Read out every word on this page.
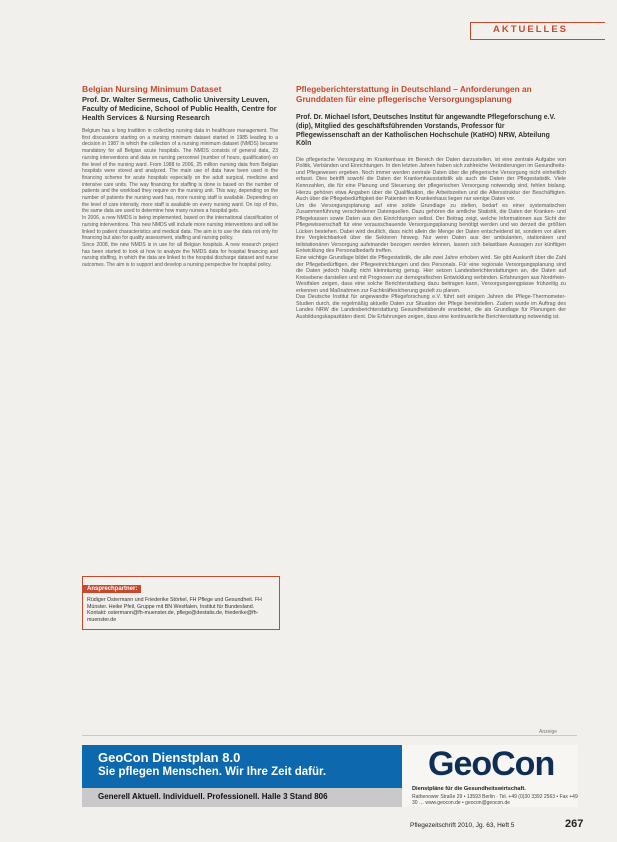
AKTUELLES
Belgian Nursing Minimum Dataset
Prof. Dr. Walter Sermeus, Catholic University Leuven, Faculty of Medicine, School of Public Health, Centre for Health Services & Nursing Research

Belgium has a long tradition in collecting nursing data in healthcare management. The first discussions starting on a nursing minimum dataset started in 1985 leading to a decision in 1987 in which the collection of a nursing minimum dataset (NMDS) became mandatory for all Belgian acute hospitals. The NMDS consists of general data, 23 nursing interventions and data on nursing personnel (number of hours, qualification) on the level of the nursing ward. From 1988 to 2006, 25 million nursing data from Belgian hospitals were stored and analyzed. The main use of data have been used in the financing scheme for acute hospitals especially on the adult surgical, medicine and intensive care units. The way financing for staffing is done is based on the number of patients and the workload they require on the nursing unit. This way, depending on the number of patients the nursing ward has, more nursing staff is available. Depending on the level of care intensity, more staff is available on every nursing ward. On top of this, the same data are used to determine how many nurses a hospital gets.

In 2006, a new NMDS is being implemented, based on the international classification of nursing interventions. This new NMDS will include more nursing interventions and will be linked to patient characteristics and medical data. The aim is to use the data not only for financing but also for quality assessment, staffing and nursing policy.

Since 2008, the new NMDS is in use for all Belgian hospitals. A new research project has been started to look at how to analyze the NMDS data for hospital financing and nursing staffing, in which the data are linked to the hospital discharge dataset and nurse outcomes. The aim is to support and develop a nursing perspective for hospital policy.

Ansprechpartner:
Rüdiger Ostermann und Friederike Störkel, FH Pflege und Gesundheit. FH Münster. Heike Pfeil, Gruppe mit BN Westfalen, Institut für Bundesland. Kontakt: ostermann@fh-muenster.de, pflege@destatis.de, friederike@fh-muenster.de
Pflegeberichterstattung in Deutschland – Anforderungen an Grunddaten für eine pflegerische Versorgungsplanung
Prof. Dr. Michael Isfort, Deutsches Institut für angewandte Pflegeforschung e.V. (dip), Mitglied des geschäftsführenden Vorstands, Professor für Pflegewissenschaft an der Katholischen Hochschule (KatHO) NRW, Abteilung Köln

Die pflegerische Versorgung im Krankenhaus im Bereich der Daten darzustellen, ist eine zentrale Aufgabe von Politik, Verbänden und Einrichtungen. In den letzten Jahren haben sich zahlreiche Veränderungen im Gesundheits- und Pflegewesen ergeben. Noch immer werden zentrale Daten über die pflegerische Versorgung nicht einheitlich erfasst. Dies betrifft sowohl die Daten der Krankenhausstatistik als auch die Daten der Pflegestatistik. Viele Kennzahlen, die für eine Planung und Steuerung der pflegerischen Versorgung notwendig sind, fehlen bislang. Hierzu gehören etwa Angaben über die Qualifikation, die Arbeitszeiten und die Altersstruktur der Beschäftigten. Auch über die Pflegebedürftigkeit der Patienten im Krankenhaus liegen nur wenige Daten vor.

Um die Versorgungsplanung auf eine solide Grundlage zu stellen, bedarf es einer systematischen Zusammenführung verschiedener Datenquellen. Dazu gehören die amtliche Statistik, die Daten der Kranken- und Pflegekassen sowie Daten aus den Einrichtungen selbst. Der Beitrag zeigt, welche Informationen aus Sicht der Pflegewissenschaft für eine vorausschauende Versorgungsplanung benötigt werden und wo derzeit die größten Lücken bestehen. Dabei wird deutlich, dass nicht allein die Menge der Daten entscheidend ist, sondern vor allem ihre Vergleichbarkeit über die Sektoren hinweg. Nur wenn Daten aus der ambulanten, stationären und teilstationären Versorgung aufeinander bezogen werden können, lassen sich belastbare Aussagen zur künftigen Entwicklung des Personalbedarfs treffen.

Eine wichtige Grundlage bildet die Pflegestatistik, die alle zwei Jahre erhoben wird. Sie gibt Auskunft über die Zahl der Pflegebedürftigen, der Pflegeeinrichtungen und des Personals. Für eine regionale Versorgungsplanung sind die Daten jedoch häufig nicht kleinräumig genug. Hier setzen Landesberichterstattungen an, die Daten auf Kreisebene darstellen und mit Prognosen zur demografischen Entwicklung verbinden. Erfahrungen aus Nordrhein-Westfalen zeigen, dass eine solche Berichterstattung dazu beitragen kann, Versorgungsengpässe frühzeitig zu erkennen und Maßnahmen zur Fachkräftesicherung gezielt zu planen.

Das Deutsche Institut für angewandte Pflegeforschung e.V. führt seit einigen Jahren die Pflege-Thermometer-Studien durch, die regelmäßig aktuelle Daten zur Situation der Pflege bereitstellen. Zudem wurde im Auftrag des Landes NRW die Landesberichterstattung Gesundheitsberufe erarbeitet, die als Grundlage für Planungen der Ausbildungskapazitäten dient. Die Erfahrungen zeigen, dass eine kontinuierliche Berichterstattung notwendig ist.

Anzeige
GeoCon Dienstplan 8.0
Sie pflegen Menschen. Wir Ihre Zeit dafür.
Generell Aktuell. Individuell. Professionell. Halle 3 Stand 806
GeoCon
Dienstpläne für die Gesundheitswirtschaft.
Rathenower Straße 29 • 13593 Berlin · Tel. +49 (0)30 3392 2563 • Fax +49 30 … www.geocon.de • geocon@geocon.de
Pflegezeitschrift 2010, Jg. 63, Heft 5	267
